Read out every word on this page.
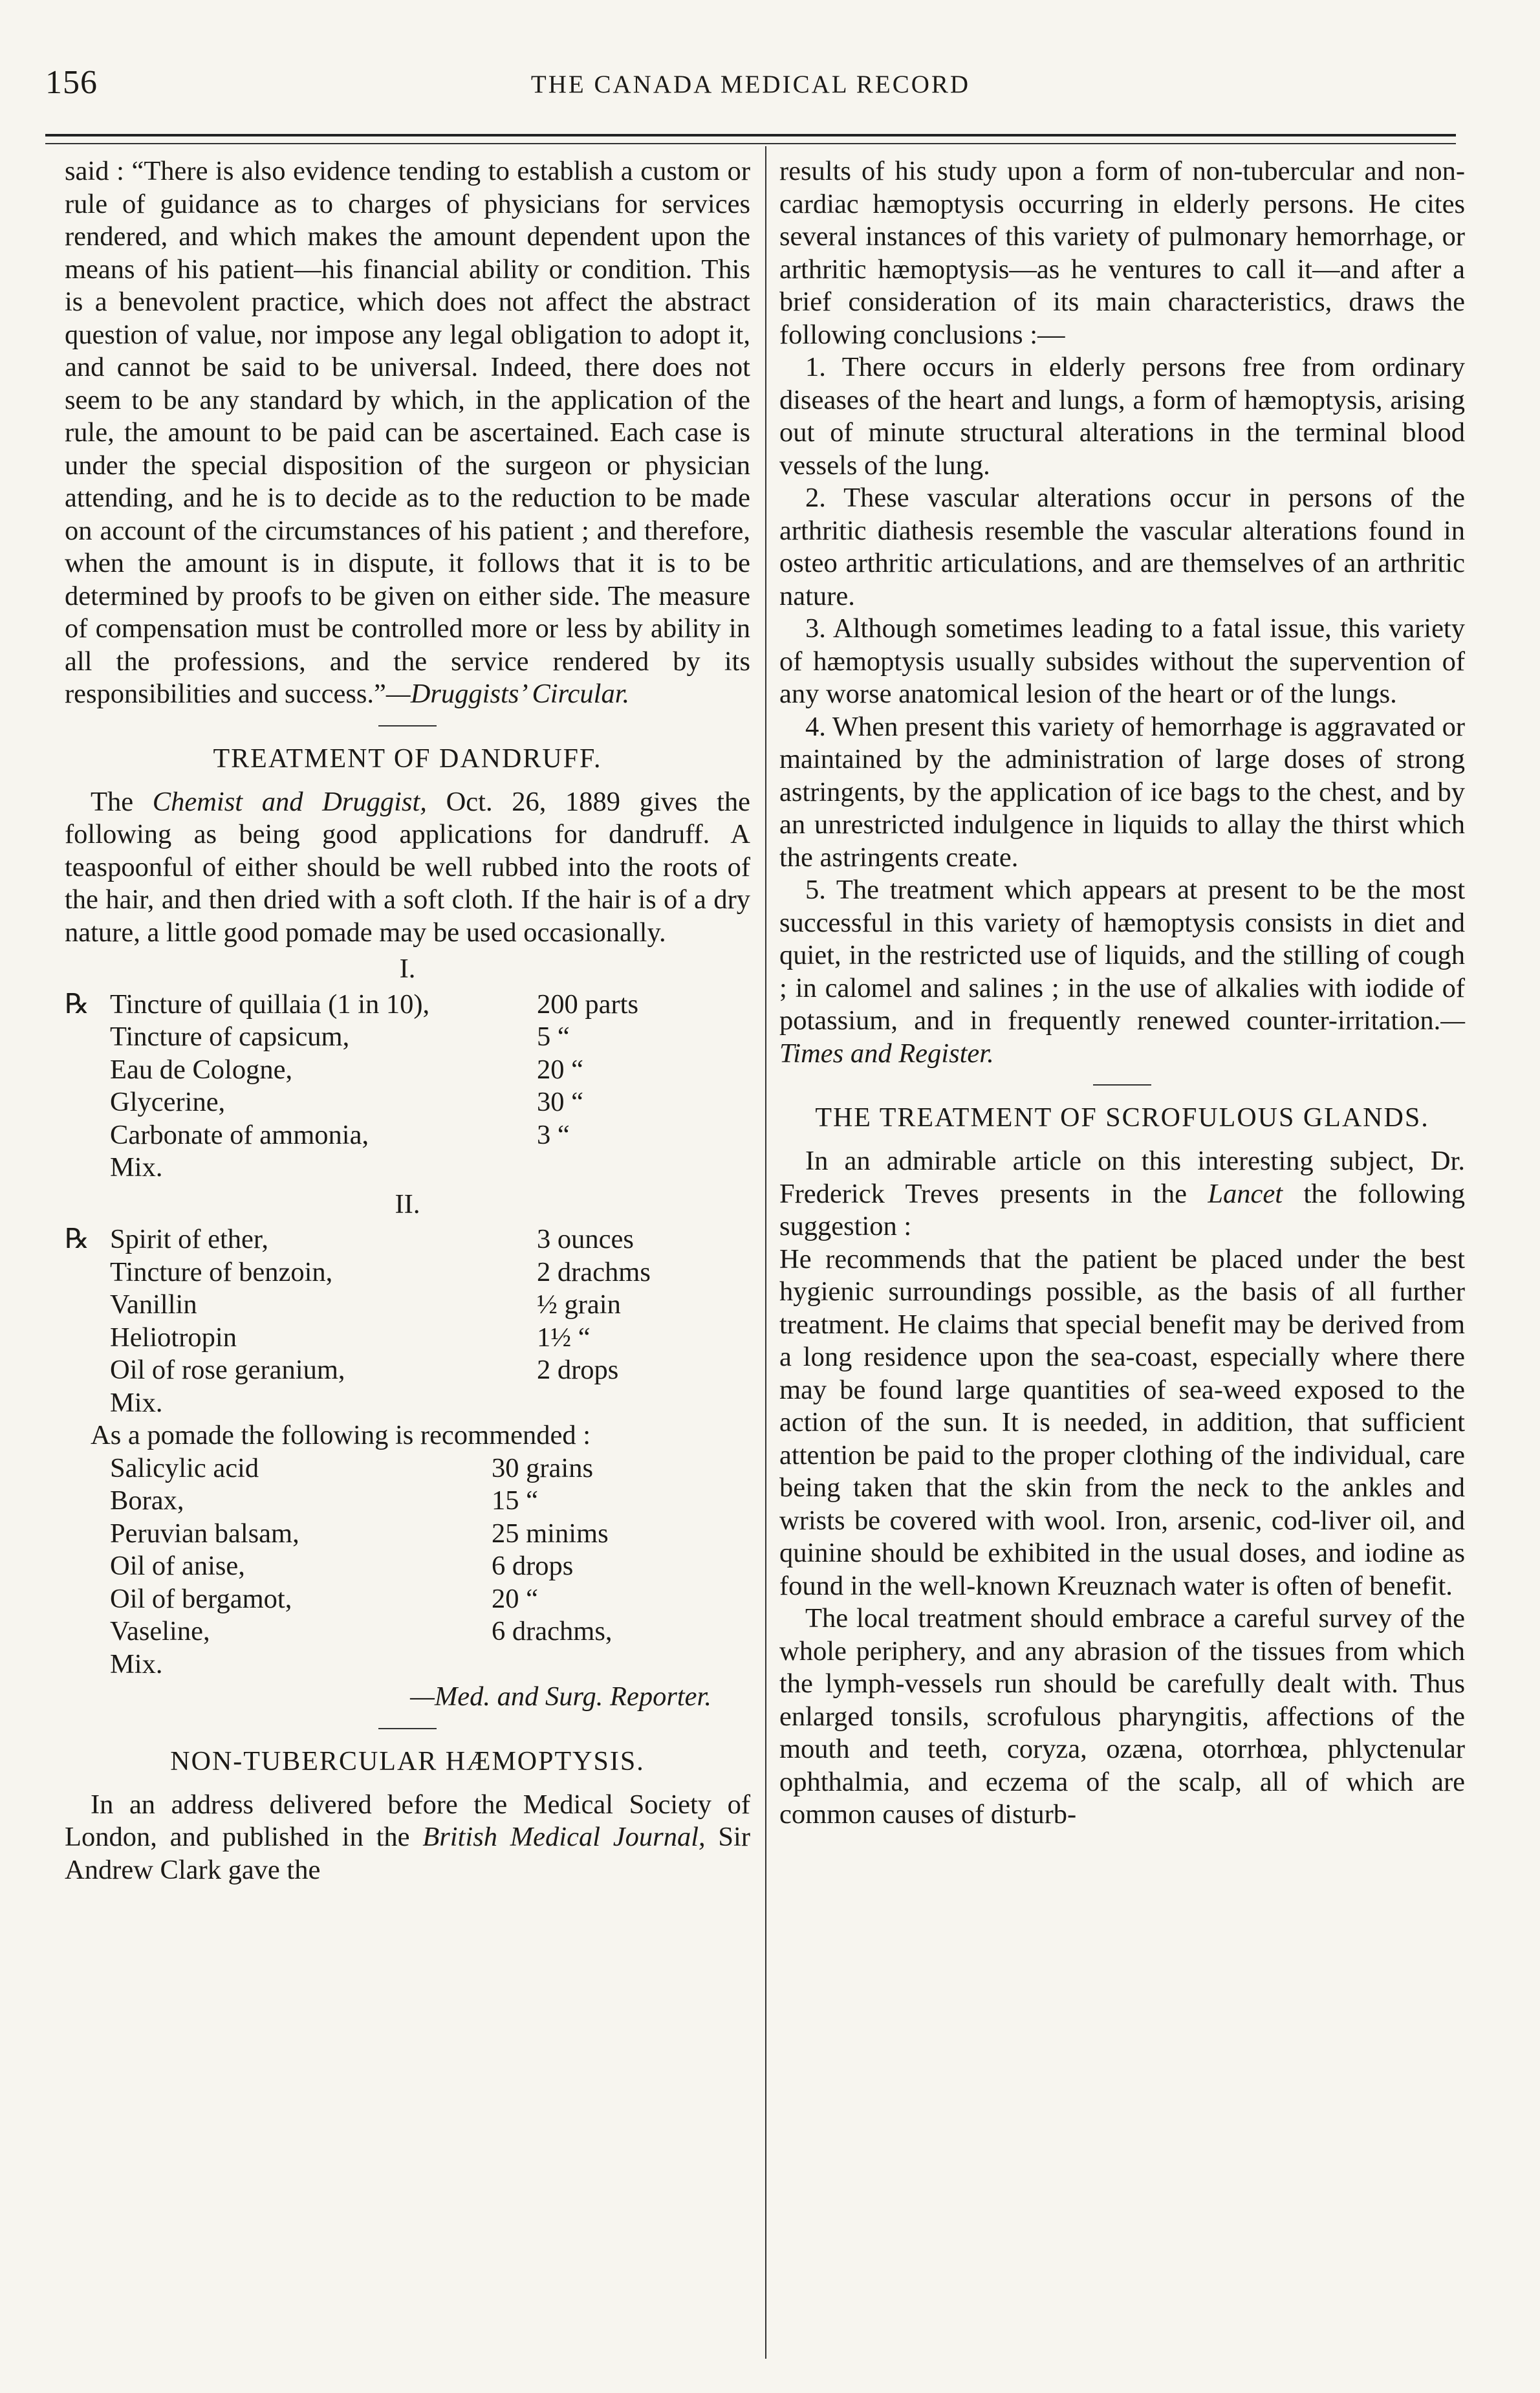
156	THE CANADA MEDICAL RECORD

said : “There is also evidence tending to establish a custom or rule of guidance as to charges of physicians for services rendered, and which makes the amount dependent upon the means of his patient—his financial ability or condition. This is a benevolent practice, which does not affect the abstract question of value, nor impose any legal obligation to adopt it, and cannot be said to be universal. Indeed, there does not seem to be any standard by which, in the application of the rule, the amount to be paid can be ascertained. Each case is under the special disposition of the surgeon or physician attending, and he is to decide as to the reduction to be made on account of the circumstances of his patient ; and therefore, when the amount is in dispute, it follows that it is to be determined by proofs to be given on either side. The measure of compensation must be controlled more or less by ability in all the professions, and the service rendered by its responsibilities and success.”—Druggists’ Circular.

TREATMENT OF DANDRUFF.

The Chemist and Druggist, Oct. 26, 1889 gives the following as being good applications for dandruff. A teaspoonful of either should be well rubbed into the roots of the hair, and then dried with a soft cloth. If the hair is of a dry nature, a little good pomade may be used occasionally.

I.
℞ Tincture of quillaia (1 in 10),	200 parts
Tincture of capsicum,	5 “
Eau de Cologne,	20 “
Glycerine,	30 “
Carbonate of ammonia,	3 “
Mix.
II.
℞ Spirit of ether,	3 ounces
Tincture of benzoin,	2 drachms
Vanillin	½ grain
Heliotropin	1½ “
Oil of rose geranium,	2 drops
Mix.

As a pomade the following is recommended :

Salicylic acid	30 grains
Borax,	15 “
Peruvian balsam,	25 minims
Oil of anise,	6 drops
Oil of bergamot,	20 “
Vaseline,	6 drachms,
Mix.
—Med. and Surg. Reporter.
NON-TUBERCULAR HÆMOPTYSIS.

In an address delivered before the Medical Society of London, and published in the British Medical Journal, Sir Andrew Clark gave the

results of his study upon a form of non-tubercular and non-cardiac hæmoptysis occurring in elderly persons. He cites several instances of this variety of pulmonary hemorrhage, or arthritic hæmoptysis—as he ventures to call it—and after a brief consideration of its main characteristics, draws the following conclusions :—

1. There occurs in elderly persons free from ordinary diseases of the heart and lungs, a form of hæmoptysis, arising out of minute structural alterations in the terminal blood vessels of the lung.

2. These vascular alterations occur in persons of the arthritic diathesis resemble the vascular alterations found in osteo arthritic articulations, and are themselves of an arthritic nature.

3. Although sometimes leading to a fatal issue, this variety of hæmoptysis usually subsides without the supervention of any worse anatomical lesion of the heart or of the lungs.

4. When present this variety of hemorrhage is aggravated or maintained by the administration of large doses of strong astringents, by the application of ice bags to the chest, and by an unrestricted indulgence in liquids to allay the thirst which the astringents create.

5. The treatment which appears at present to be the most successful in this variety of hæmoptysis consists in diet and quiet, in the restricted use of liquids, and the stilling of cough ; in calomel and salines ; in the use of alkalies with iodide of potassium, and in frequently renewed counter-irritation.—Times and Register.

THE TREATMENT OF SCROFULOUS GLANDS.

In an admirable article on this interesting subject, Dr. Frederick Treves presents in the Lancet the following suggestion :

He recommends that the patient be placed under the best hygienic surroundings possible, as the basis of all further treatment. He claims that special benefit may be derived from a long residence upon the sea-coast, especially where there may be found large quantities of sea-weed exposed to the action of the sun. It is needed, in addition, that sufficient attention be paid to the proper clothing of the individual, care being taken that the skin from the neck to the ankles and wrists be covered with wool. Iron, arsenic, cod-liver oil, and quinine should be exhibited in the usual doses, and iodine as found in the well-known Kreuznach water is often of benefit.

The local treatment should embrace a careful survey of the whole periphery, and any abrasion of the tissues from which the lymph-vessels run should be carefully dealt with. Thus enlarged tonsils, scrofulous pharyngitis, affections of the mouth and teeth, coryza, ozæna, otorrhœa, phlyctenular ophthalmia, and eczema of the scalp, all of which are common causes of disturb-
